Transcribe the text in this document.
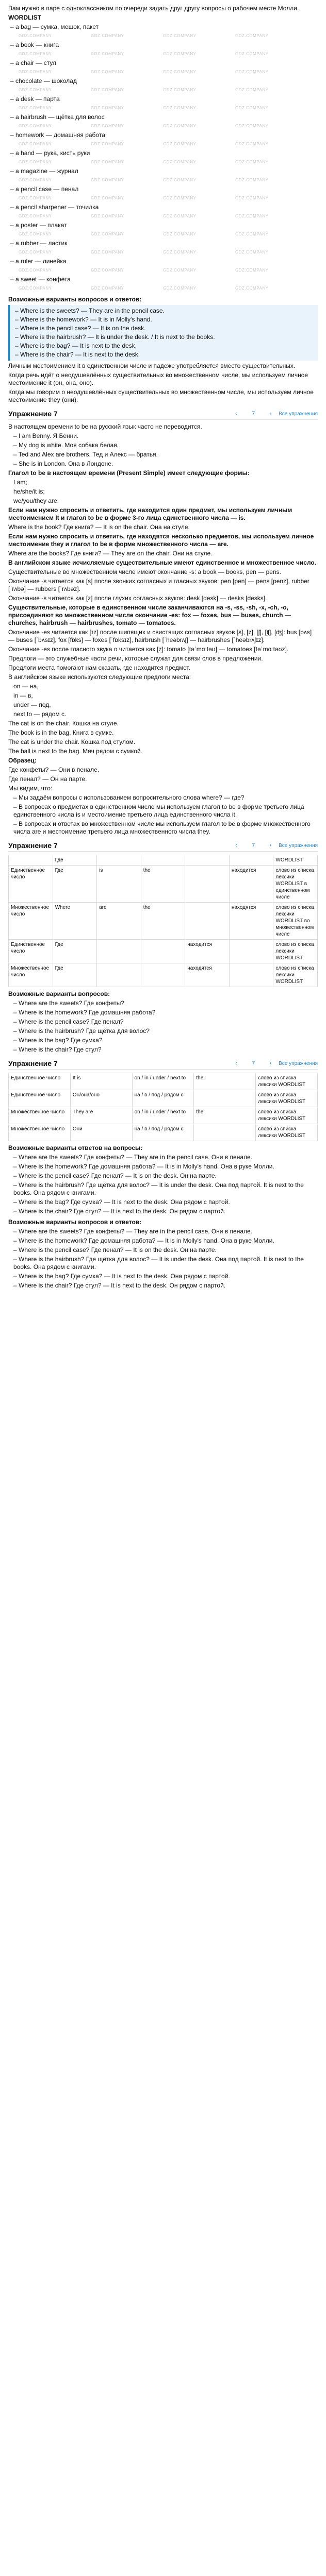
Вам нужно в паре с одноклассником по очереди задать друг другу вопросы о рабочем месте Молли.
WORDLIST
– a bag — сумка, мешок, пакет
GDZ.COMPANY	GDZ.COMPANY	GDZ.COMPANY	GDZ.COMPANY
– a book — книга
GDZ.COMPANY	GDZ.COMPANY	GDZ.COMPANY	GDZ.COMPANY
– a chair — стул
GDZ.COMPANY	GDZ.COMPANY	GDZ.COMPANY	GDZ.COMPANY
– chocolate — шоколад
GDZ.COMPANY	GDZ.COMPANY	GDZ.COMPANY	GDZ.COMPANY
– a desk — парта
GDZ.COMPANY	GDZ.COMPANY	GDZ.COMPANY	GDZ.COMPANY
– a hairbrush — щётка для волос
GDZ.COMPANY	GDZ.COMPANY	GDZ.COMPANY	GDZ.COMPANY
– homework — домашняя работа
GDZ.COMPANY	GDZ.COMPANY	GDZ.COMPANY	GDZ.COMPANY
– a hand — рука, кисть руки
GDZ.COMPANY	GDZ.COMPANY	GDZ.COMPANY	GDZ.COMPANY
– a magazine — журнал
GDZ.COMPANY	GDZ.COMPANY	GDZ.COMPANY	GDZ.COMPANY
– a pencil case — пенал
GDZ.COMPANY	GDZ.COMPANY	GDZ.COMPANY	GDZ.COMPANY
– a pencil sharpener — точилка
GDZ.COMPANY	GDZ.COMPANY	GDZ.COMPANY	GDZ.COMPANY
– a poster — плакат
GDZ.COMPANY	GDZ.COMPANY	GDZ.COMPANY	GDZ.COMPANY
– a rubber — ластик
GDZ.COMPANY	GDZ.COMPANY	GDZ.COMPANY	GDZ.COMPANY
– a ruler — линейка
GDZ.COMPANY	GDZ.COMPANY	GDZ.COMPANY	GDZ.COMPANY
– a sweet — конфета
GDZ.COMPANY	GDZ.COMPANY	GDZ.COMPANY	GDZ.COMPANY
Возможные варианты вопросов и ответов:
– Where is the sweets? — They are in the pencil case.
– Where is the homework? — It is in Molly's hand.
– Where is the pencil case? — It is on the desk.
– Where is the hairbrush? — It is under the desk. / It is next to the books.
– Where is the bag? — It is next to the desk.
– Where is the chair? — It is next to the desk.
Личным местоимением it в единственном числе и падеже употребляется вместо существительных.
Когда речь идёт о неодушевлённых существительных во множественном числе, мы используем личное местоимение it (он, она, оно).
Когда мы говорим о неодушевлённых существительных во множественном числе, мы используем личное местоимение they (они).
Упражнение 7	‹	7	› Все упражнения
В настоящем времени to be на русский язык часто не переводится.
– I am Benny. Я Бенни.
– My dog is white. Моя собака белая.
– Ted and Alex are brothers. Тед и Алекс — братья.
– She is in London. Она в Лондоне.
Глагол to be в настоящем времени (Present Simple) имеет следующие формы:
I am;
he/she/it is;
we/you/they are.
Если нам нужно спросить и ответить, где находится один предмет, мы используем личным местоимением It и глагол to be в форме 3-го лица единственного числа — is.
Where is the book? Где книга? — It is on the chair. Она на стуле.
Если нам нужно спросить и ответить, где находятся несколько предметов, мы используем личное местоимение they и глагол to be в форме множественного числа — are.
Where are the books? Где книги? — They are on the chair. Они на стуле.
В английском языке исчисляемые существительные имеют единственное и множественное число.
Существительные во множественном числе имеют окончание -s: a book — books, pen — pens.
Окончание -s читается как [s] после звонких согласных и гласных звуков: pen [pen] — pens [penz], rubber [ˈrʌbə] — rubbers [ˈrʌbəz].
Окончание -s читается как [z] после глухих согласных звуков: desk [desk] — desks [desks].
Существительные, которые в единственном числе заканчиваются на -s, -ss, -sh, -x, -ch, -o, присоединяют во множественном числе окончание -es: fox — foxes, bus — buses, church — churches, hairbrush — hairbrushes, tomato — tomatoes.
Окончание -es читается как [ɪz] после шипящих и свистящих согласных звуков [s], [z], [ʃ], [ʧ], [ʤ]: bus [bʌs] — buses [ˈbʌsɪz], fox [fɒks] — foxes [ˈfɒksɪz], hairbrush [ˈheəbrʌʃ] — hairbrushes [ˈheəbrʌʃɪz].
Окончание -es после гласного звука o читается как [z]: tomato [təˈmɑːtəʊ] — tomatoes [təˈmɑːtəʊz].
Предлоги — это служебные части речи, которые служат для связи слов в предложении.
Предлоги места помогают нам сказать, где находится предмет.
В английском языке используются следующие предлоги места:
on — на,
in — в,
under — под,
next to — рядом с.
The cat is on the chair. Кошка на стуле.
The book is in the bag. Книга в сумке.
The cat is under the chair. Кошка под стулом.
The ball is next to the bag. Мяч рядом с сумкой.
Образец:
Где конфеты? — Они в пенале.
Где пенал? — Он на парте.
Мы видим, что:
– Мы задаём вопросы с использованием вопросительного слова where? — где?
– В вопросах о предметах в единственном числе мы используем глагол to be в форме третьего лица единственного числа is и местоимение третьего лица единственного числа it.
– В вопросах и ответах во множественном числе мы используем глагол to be в форме множественного числа are и местоимение третьего лица множественного числа they.
Упражнение 7	‹	7	› Все упражнения
	Где					WORDLIST
Единственное число	Где	is	the		находится	слово из списка лексики WORDLIST в единственном числе
Множественное число	Where	are	the		находятся	слово из списка лексики WORDLIST во множественном числе
Единственное число	Где			находится		слово из списка лексики WORDLIST
Множественное число	Где			находятся		слово из списка лексики WORDLIST
Возможные варианты вопросов:
– Where are the sweets? Где конфеты?
– Where is the homework? Где домашняя работа?
– Where is the pencil case? Где пенал?
– Where is the hairbrush? Где щётка для волос?
– Where is the bag? Где сумка?
– Where is the chair? Где стул?
Упражнение 7	‹	7	› Все упражнения
Единственное число	It is	on / in / under / next to	the	слово из списка лексики WORDLIST
Единственное число	Он/она/оно	на / в / под / рядом с		слово из списка лексики WORDLIST
Множественное число	They are	on / in / under / next to	the	слово из списка лексики WORDLIST
Множественное число	Они	на / в / под / рядом с		слово из списка лексики WORDLIST
Возможные варианты ответов на вопросы:
– Where are the sweets? Где конфеты? — They are in the pencil case. Они в пенале.
– Where is the homework? Где домашняя работа? — It is in Molly's hand. Она в руке Молли.
– Where is the pencil case? Где пенал? — It is on the desk. Он на парте.
– Where is the hairbrush? Где щётка для волос? — It is under the desk. Она под партой. It is next to the books. Она рядом с книгами.
– Where is the bag? Где сумка? — It is next to the desk. Она рядом с партой.
– Where is the chair? Где стул? — It is next to the desk. Он рядом с партой.
Возможные варианты вопросов и ответов:
– Where are the sweets? Где конфеты? — They are in the pencil case. Они в пенале.
– Where is the homework? Где домашняя работа? — It is in Molly's hand. Она в руке Молли.
– Where is the pencil case? Где пенал? — It is on the desk. Он на парте.
– Where is the hairbrush? Где щётка для волос? — It is under the desk. Она под партой. It is next to the books. Она рядом с книгами.
– Where is the bag? Где сумка? — It is next to the desk. Она рядом с партой.
– Where is the chair? Где стул? — It is next to the desk. Он рядом с партой.
